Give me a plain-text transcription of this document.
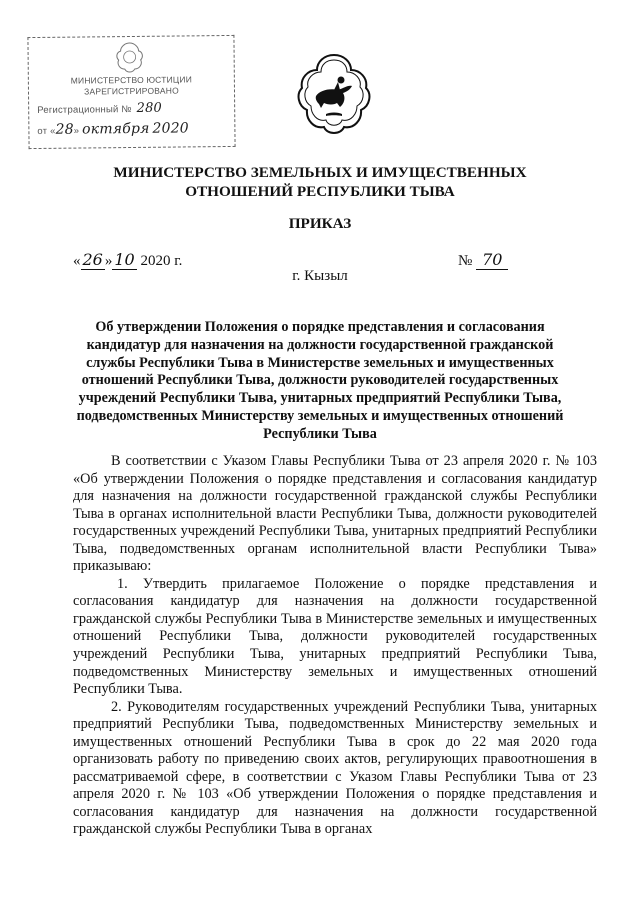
МИНИСТЕРСТВО ЮСТИЦИИ
ЗАРЕГИСТРИРОВАНО
Регистрационный № 280
от «28» октября 2020
МИНИСТЕРСТВО ЗЕМЕЛЬНЫХ И ИМУЩЕСТВЕННЫХ
ОТНОШЕНИЙ РЕСПУБЛИКИ ТЫВА
ПРИКАЗ
« 26 » 10 2020 г.	№ 70
г. Кызыл
Об утверждении Положения о порядке представления и согласования кандидатур для назначения на должности государственной гражданской службы Республики Тыва в Министерстве земельных и имущественных отношений Республики Тыва, должности руководителей государственных учреждений Республики Тыва, унитарных предприятий Республики Тыва, подведомственных Министерству земельных и имущественных отношений Республики Тыва

В соответствии с Указом Главы Республики Тыва от 23 апреля 2020 г. № 103 «Об утверждении Положения о порядке представления и согласования кандидатур для назначения на должности государственной гражданской службы Республики Тыва в органах исполнительной власти Республики Тыва, должности руководителей государственных учреждений Республики Тыва, унитарных предприятий Республики Тыва, подведомственных органам исполнительной власти Республики Тыва» приказываю:

1. Утвердить прилагаемое Положение о порядке представления и согласования кандидатур для назначения на должности государственной гражданской службы Республики Тыва в Министерстве земельных и имущественных отношений Республики Тыва, должности руководителей государственных учреждений Республики Тыва, унитарных предприятий Республики Тыва, подведомственных Министерству земельных и имущественных отношений Республики Тыва.

2. Руководителям государственных учреждений Республики Тыва, унитарных предприятий Республики Тыва, подведомственных Министерству земельных и имущественных отношений Республики Тыва в срок до 22 мая 2020 года организовать работу по приведению своих актов, регулирующих правоотношения в рассматриваемой сфере, в соответствии с Указом Главы Республики Тыва от 23 апреля 2020 г. № 103 «Об утверждении Положения о порядке представления и согласования кандидатур для назначения на должности государственной гражданской службы Республики Тыва в органах
